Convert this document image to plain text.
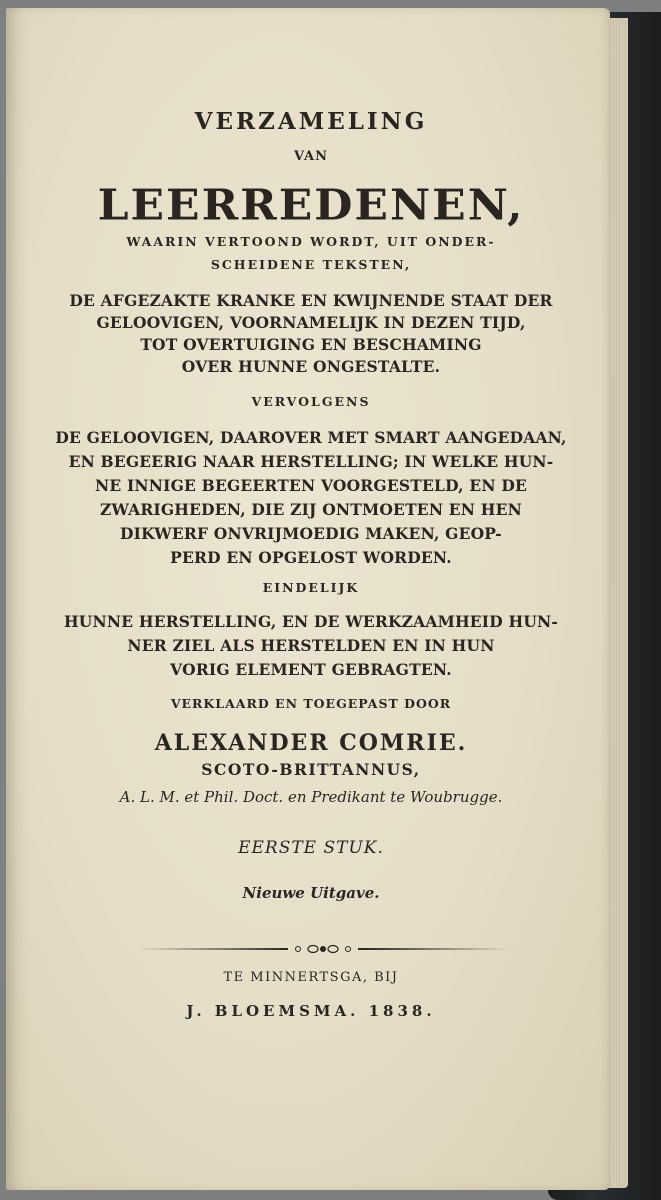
VERZAMELING

VAN

LEERREDENEN,

WAARIN VERTOOND WORDT, UIT ONDER-

SCHEIDENE TEKSTEN,

DE AFGEZAKTE KRANKE EN KWIJNENDE STAAT DER

GELOOVIGEN, VOORNAMELIJK IN DEZEN TIJD,

TOT OVERTUIGING EN BESCHAMING

OVER HUNNE ONGESTALTE.

VERVOLGENS

DE GELOOVIGEN, DAAROVER MET SMART AANGEDAAN,

EN BEGEERIG NAAR HERSTELLING; IN WELKE HUN-

NE INNIGE BEGEERTEN VOORGESTELD, EN DE

ZWARIGHEDEN, DIE ZIJ ONTMOETEN EN HEN

DIKWERF ONVRIJMOEDIG MAKEN, GEOP-

PERD EN OPGELOST WORDEN.

EINDELIJK

HUNNE HERSTELLING, EN DE WERKZAAMHEID HUN-

NER ZIEL ALS HERSTELDEN EN IN HUN

VORIG ELEMENT GEBRAGTEN.

VERKLAARD EN TOEGEPAST DOOR

ALEXANDER COMRIE.

SCOTO-BRITTANNUS,

A. L. M. et Phil. Doct. en Predikant te Woubrugge.

EERSTE STUK.

Nieuwe Uitgave.

TE MINNERTSGA, BIJ

J. BLOEMSMA. 1838.
